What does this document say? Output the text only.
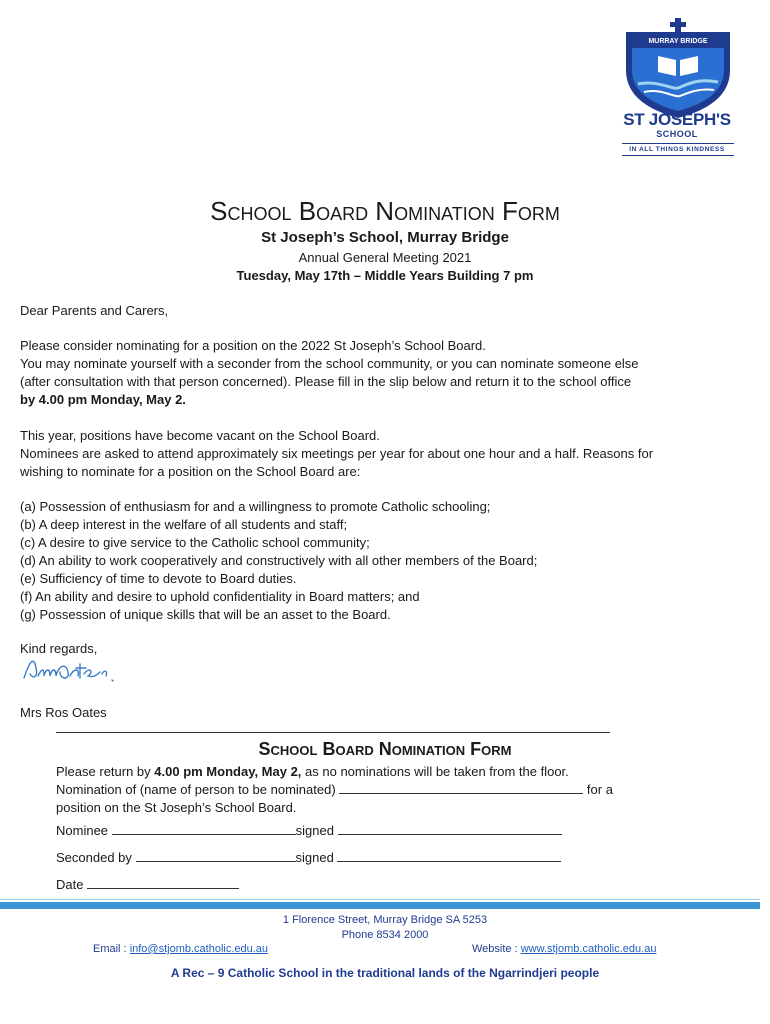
MURRAY BRIDGE
ST JOSEPH'S
SCHOOL
IN ALL THINGS KINDNESS
School Board Nomination Form
St Joseph’s School, Murray Bridge
Annual General Meeting 2021
Tuesday, May 17th – Middle Years Building 7 pm
Dear Parents and Carers,
Please consider nominating for a position on the 2022 St Joseph’s School Board.
You may nominate yourself with a seconder from the school community, or you can nominate someone else
(after consultation with that person concerned). Please fill in the slip below and return it to the school office
by 4.00 pm Monday, May 2.
This year, positions have become vacant on the School Board.
Nominees are asked to attend approximately six meetings per year for about one hour and a half. Reasons for
wishing to nominate for a position on the School Board are:
(a) Possession of enthusiasm for and a willingness to promote Catholic schooling;
(b) A deep interest in the welfare of all students and staff;
(c) A desire to give service to the Catholic school community;
(d) An ability to work cooperatively and constructively with all other members of the Board;
(e) Sufficiency of time to devote to Board duties.
(f) An ability and desire to uphold confidentiality in Board matters; and
(g) Possession of unique skills that will be an asset to the Board.
Kind regards,
Mrs Ros Oates
School Board Nomination Form
Please return by 4.00 pm Monday, May 2, as no nominations will be taken from the floor.
Nomination of (name of person to be nominated)	for a
position on the St Joseph’s School Board.
Nominee	signed
Seconded by	signed
Date
1 Florence Street, Murray Bridge SA 5253
Phone 8534 2000
Email : info@stjomb.catholic.edu.au	Website : www.stjomb.catholic.edu.au
A Rec – 9 Catholic School in the traditional lands of the Ngarrindjeri people
